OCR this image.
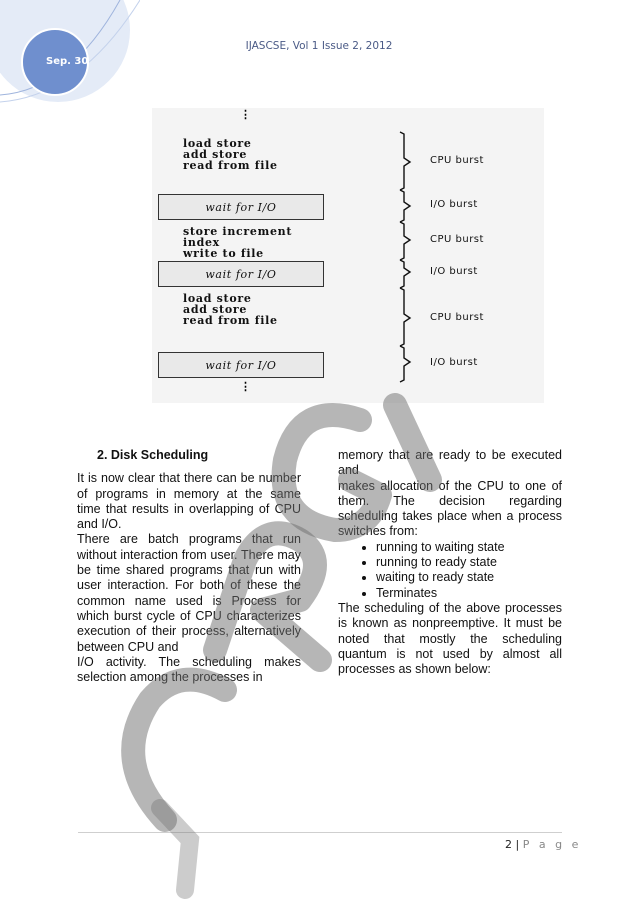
Sep. 30
IJASCSE, Vol 1 Issue 2, 2012
⋮
load store
add store
read from file
wait for I/O
store increment
index
write to file
wait for I/O
load store
add store
read from file
wait for I/O
⋮
CPU burst
I/O burst
CPU burst
I/O burst
CPU burst
I/O burst

2. Disk Scheduling

It is now clear that there can be number of programs in memory at the same time that results in overlapping of CPU and I/O.

There are batch programs that run without interaction from user. There may be time shared programs that run with user interaction. For both of these the common name used is Process for which burst cycle of CPU characterizes execution of their process, alternatively between CPU and

I/O activity. The scheduling makes selection among the processes in

memory that are ready to be executed and

makes allocation of the CPU to one of them. The decision regarding scheduling takes place when a process switches from:

• running to waiting state
• running to ready state
• waiting to ready state
• Terminates

The scheduling of the above processes is known as nonpreemptive. It must be noted that mostly the scheduling quantum is not used by almost all processes as shown below:

2 | P a g e
